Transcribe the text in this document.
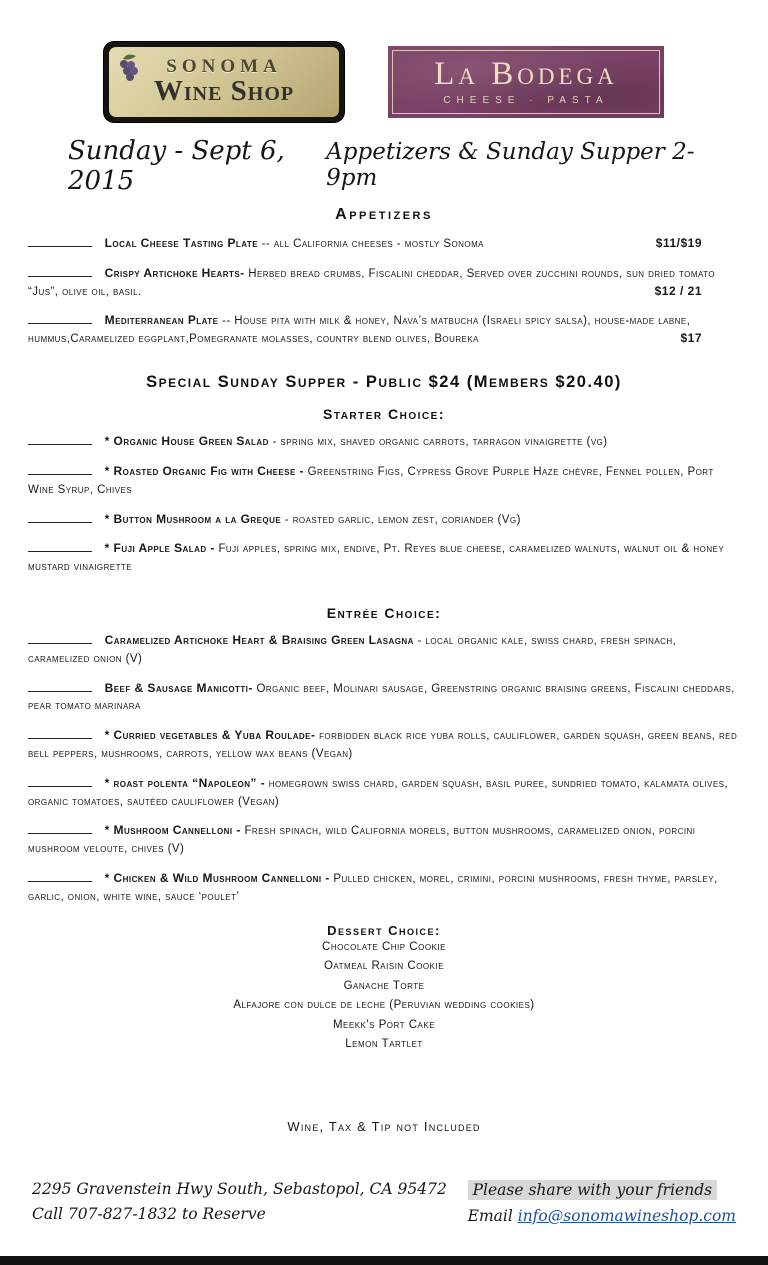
SONOMA
Wine Shop	La Bodega
CHEESE · PASTA
Sunday - Sept 6, 2015
Appetizers & Sunday Supper 2-9pm
Appetizers
Local Cheese Tasting Plate -- all California cheeses - mostly Sonoma	$11/$19
Crispy Artichoke Hearts- Herbed bread crumbs, Fiscalini cheddar, Served over zucchini rounds, sun dried tomato “Jus”, olive oil, basil.	$12 / 21
Mediterranean Plate -- House pita with milk & honey, Nava’s matbucha (Israeli spicy salsa), house-made labne, hummus,Caramelized eggplant,Pomegranate molasses, country blend olives, Boureka	$17
Special Sunday Supper - Public $24 (Members $20.40)
Starter Choice:
* Organic House Green Salad - spring mix, shaved organic carrots, tarragon vinaigrette (vg)
* Roasted Organic Fig with Cheese - Greenstring Figs, Cypress Grove Purple Haze chèvre, Fennel pollen, Port Wine Syrup, Chives
* Button Mushroom a la Greque - roasted garlic, lemon zest, coriander (Vg)
* Fuji Apple Salad - Fuji apples, spring mix, endive, Pt. Reyes blue cheese, caramelized walnuts, walnut oil & honey mustard vinaigrette
Entrée Choice:
Caramelized Artichoke Heart & Braising Green Lasagna - local organic kale, swiss chard, fresh spinach, caramelized onion (V)
Beef & Sausage Manicotti- Organic beef, Molinari sausage, Greenstring organic braising greens, Fiscalini cheddars, pear tomato marinara
* Curried vegetables & Yuba Roulade- forbidden black rice yuba rolls, cauliflower, garden squash, green beans, red bell peppers, mushrooms, carrots, yellow wax beans (Vegan)
* roast polenta “Napoleon” - homegrown swiss chard, garden squash, basil puree, sundried tomato, kalamata olives, organic tomatoes, sautéed cauliflower (Vegan)
* Mushroom Cannelloni - Fresh spinach, wild California morels, button mushrooms, caramelized onion, porcini mushroom veloute, chives (V)
* Chicken & Wild Mushroom Cannelloni - Pulled chicken, morel, crimini, porcini mushrooms, fresh thyme, parsley, garlic, onion, white wine, sauce ‘poulet’
Dessert Choice:
Chocolate Chip Cookie
Oatmeal Raisin Cookie
Ganache Torte
Alfajore con dulce de leche (Peruvian wedding cookies)
Meekk's Port Cake
Lemon Tartlet
Wine, Tax & Tip not Included
2295 Gravenstein Hwy South, Sebastopol, CA 95472
Call 707-827-1832 to Reserve
Please share with your friends
Email info@sonomawineshop.com
